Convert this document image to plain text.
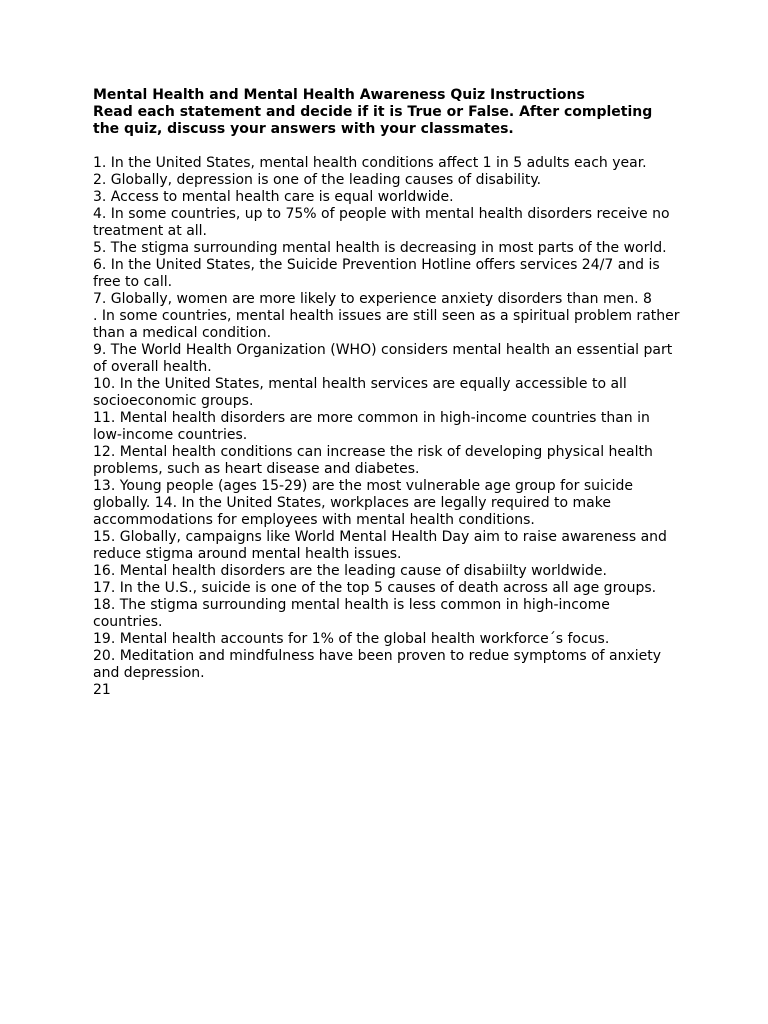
Mental Health and Mental Health Awareness Quiz Instructions

Read each statement and decide if it is True or False. After completing the quiz, discuss your answers with your classmates.

1. In the United States, mental health conditions affect 1 in 5 adults each year.

2. Globally, depression is one of the leading causes of disability.

3. Access to mental health care is equal worldwide.

4. In some countries, up to 75% of people with mental health disorders receive no treatment at all.

5. The stigma surrounding mental health is decreasing in most parts of the world.

6. In the United States, the Suicide Prevention Hotline offers services 24/7 and is free to call.

7. Globally, women are more likely to experience anxiety disorders than men. 8

. In some countries, mental health issues are still seen as a spiritual problem rather than a medical condition.

9. The World Health Organization (WHO) considers mental health an essential part of overall health.

10. In the United States, mental health services are equally accessible to all socioeconomic groups.

11. Mental health disorders are more common in high-income countries than in low-income countries.

12. Mental health conditions can increase the risk of developing physical health problems, such as heart disease and diabetes.

13. Young people (ages 15-29) are the most vulnerable age group for suicide globally. 14. In the United States, workplaces are legally required to make accommodations for employees with mental health conditions.

15. Globally, campaigns like World Mental Health Day aim to raise awareness and reduce stigma around mental health issues.

16. Mental health disorders are the leading cause of disabiilty worldwide.

17. In the U.S., suicide is one of the top 5 causes of death across all age groups.

18. The stigma surrounding mental health is less common in high-income countries.

19. Mental health accounts for 1% of the global health workforce´s focus.

20. Meditation and mindfulness have been proven to redue symptoms of anxiety and depression.

21
